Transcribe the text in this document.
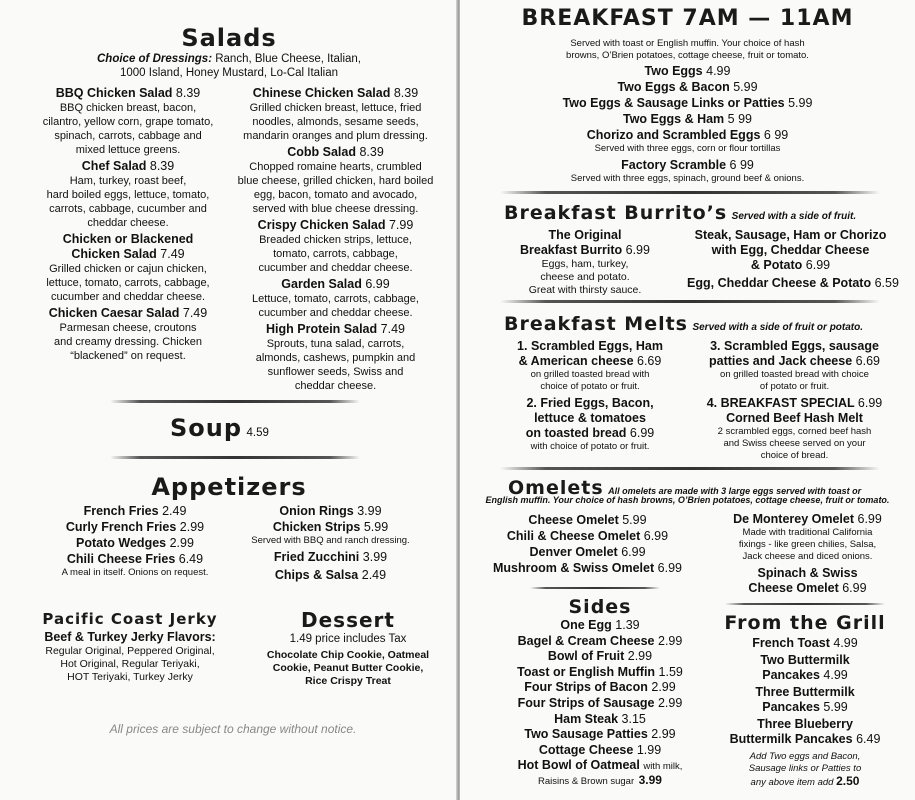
Salads
Choice of Dressings: Ranch, Blue Cheese, Italian,
1000 Island, Honey Mustard, Lo-Cal Italian
BBQ Chicken Salad 8.39
BBQ chicken breast, bacon,
cilantro, yellow corn, grape tomato,
spinach, carrots, cabbage and
mixed lettuce greens.
Chef Salad 8.39
Ham, turkey, roast beef,
hard boiled eggs, lettuce, tomato,
carrots, cabbage, cucumber and
cheddar cheese.
Chicken or Blackened
Chicken Salad 7.49
Grilled chicken or cajun chicken,
lettuce, tomato, carrots, cabbage,
cucumber and cheddar cheese.
Chicken Caesar Salad 7.49
Parmesan cheese, croutons
and creamy dressing. Chicken
“blackened” on request.
Chinese Chicken Salad 8.39
Grilled chicken breast, lettuce, fried
noodles, almonds, sesame seeds,
mandarin oranges and plum dressing.
Cobb Salad 8.39
Chopped romaine hearts, crumbled
blue cheese, grilled chicken, hard boiled
egg, bacon, tomato and avocado,
served with blue cheese dressing.
Crispy Chicken Salad 7.99
Breaded chicken strips, lettuce,
tomato, carrots, cabbage,
cucumber and cheddar cheese.
Garden Salad 6.99
Lettuce, tomato, carrots, cabbage,
cucumber and cheddar cheese.
High Protein Salad 7.49
Sprouts, tuna salad, carrots,
almonds, cashews, pumpkin and
sunflower seeds, Swiss and
cheddar cheese.
Soup 4.59
Appetizers
French Fries 2.49
Curly French Fries 2.99
Potato Wedges 2.99
Chili Cheese Fries 6.49
A meal in itself. Onions on request.
Onion Rings 3.99
Chicken Strips 5.99
Served with BBQ and ranch dressing.
Fried Zucchini 3.99
Chips & Salsa 2.49
Pacific Coast Jerky
Beef & Turkey Jerky Flavors:
Regular Original, Peppered Original,
Hot Original, Regular Teriyaki,
HOT Teriyaki, Turkey Jerky
Dessert
1.49 price includes Tax
Chocolate Chip Cookie, Oatmeal
Cookie, Peanut Butter Cookie,
Rice Crispy Treat
All prices are subject to change without notice.
BREAKFAST 7AM — 11AM
Served with toast or English muffin. Your choice of hash
browns, O’Brien potatoes, cottage cheese, fruit or tomato.
Two Eggs 4.99
Two Eggs & Bacon 5.99
Two Eggs & Sausage Links or Patties 5.99
Two Eggs & Ham 5 99
Chorizo and Scrambled Eggs 6 99
Served with three eggs, corn or flour tortillas
Factory Scramble 6 99
Served with three eggs, spinach, ground beef & onions.
Breakfast Burrito’s Served with a side of fruit.
The Original
Breakfast Burrito 6.99
Eggs, ham, turkey,
cheese and potato.
Great with thirsty sauce.
Steak, Sausage, Ham or Chorizo
with Egg, Cheddar Cheese
& Potato 6.99
Egg, Cheddar Cheese & Potato 6.59
Breakfast Melts Served with a side of fruit or potato.
1. Scrambled Eggs, Ham
& American cheese 6.69
on grilled toasted bread with
choice of potato or fruit.
2. Fried Eggs, Bacon,
lettuce & tomatoes
on toasted bread 6.99
with choice of potato or fruit.
3. Scrambled Eggs, sausage
patties and Jack cheese 6.69
on grilled toasted bread with choice
of potato or fruit.
4. BREAKFAST SPECIAL 6.99
Corned Beef Hash Melt
2 scrambled eggs, corned beef hash
and Swiss cheese served on your
choice of bread.
Omelets All omelets are made with 3 large eggs served with toast or
English muffin. Your choice of hash browns, O’Brien potatoes, cottage cheese, fruit or tomato.
Cheese Omelet 5.99
Chili & Cheese Omelet 6.99
Denver Omelet 6.99
Mushroom & Swiss Omelet 6.99
De Monterey Omelet 6.99
Made with traditional California
fixings - like green chilies, Salsa,
Jack cheese and diced onions.
Spinach & Swiss
Cheese Omelet 6.99
Sides
One Egg 1.39
Bagel & Cream Cheese 2.99
Bowl of Fruit 2.99
Toast or English Muffin 1.59
Four Strips of Bacon 2.99
Four Strips of Sausage 2.99
Ham Steak 3.15
Two Sausage Patties 2.99
Cottage Cheese 1.99
Hot Bowl of Oatmeal with milk,
Raisins & Brown sugar 3.99
From the Grill
French Toast 4.99
Two Buttermilk
Pancakes 4.99
Three Buttermilk
Pancakes 5.99
Three Blueberry
Buttermilk Pancakes 6.49
Add Two eggs and Bacon,
Sausage links or Patties to
any above item add 2.50
